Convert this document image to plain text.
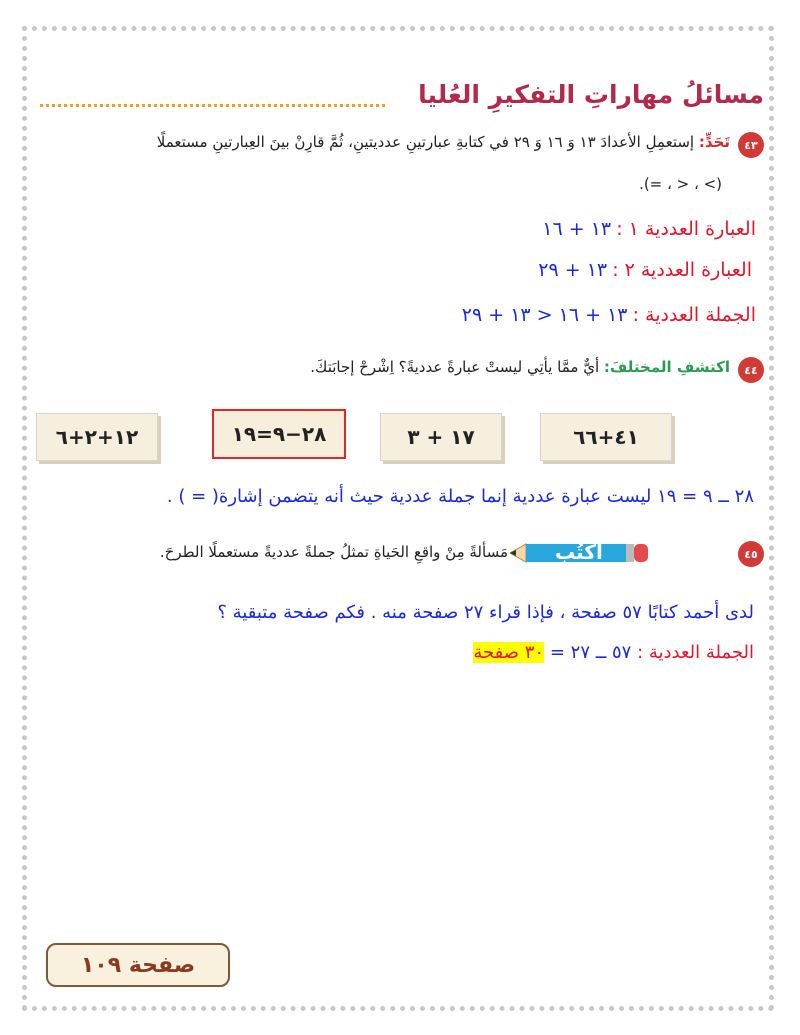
مسائلُ مهاراتِ التفكيرِ العُليا
٤٣
تَحَدٍّ: إستعمِلِ الأعدادَ ١٣ وَ ١٦ وَ ٢٩ في كتابةِ عبارتينِ عدديتينِ، ثُمَّ قارِنْ بينَ العِبارتينِ مستعملًا
.(= ، > ، <)
العبارة العددية ١ : ١٣ + ١٦
العبارة العددية ٢ : ١٣ + ٢٩
الجملة العددية : ١٣ + ١٦ < ١٣ + ٢٩
٤٤
اكتشفِ المختلفَ: أيٌّ ممَّا يأتِي ليستْ عبارةً عدديةً؟ اِشْرحْ إجابَتكَ.
١٢+٢+٦	٢٨−٩=١٩	١٧ + ٣	٤١+٦٦
٢٨ ــ ٩ = ١٩ ليست عبارة عددية إنما جملة عددية حيث أنه يتضمن إشارة( = ) .
٤٥
أكتُب
مَسألةً مِنْ واقعِ الحَياةِ تمثلُ جملةً عدديةً مستعملًا الطرحَ.
لدى أحمد كتابًا ٥٧ صفحة ، فإذا قراء ٢٧ صفحة منه . فكم صفحة متبقية ؟
الجملة العددية : ٥٧ ــ ٢٧ = ٣٠ صفحة
صفحة ١٠٩
